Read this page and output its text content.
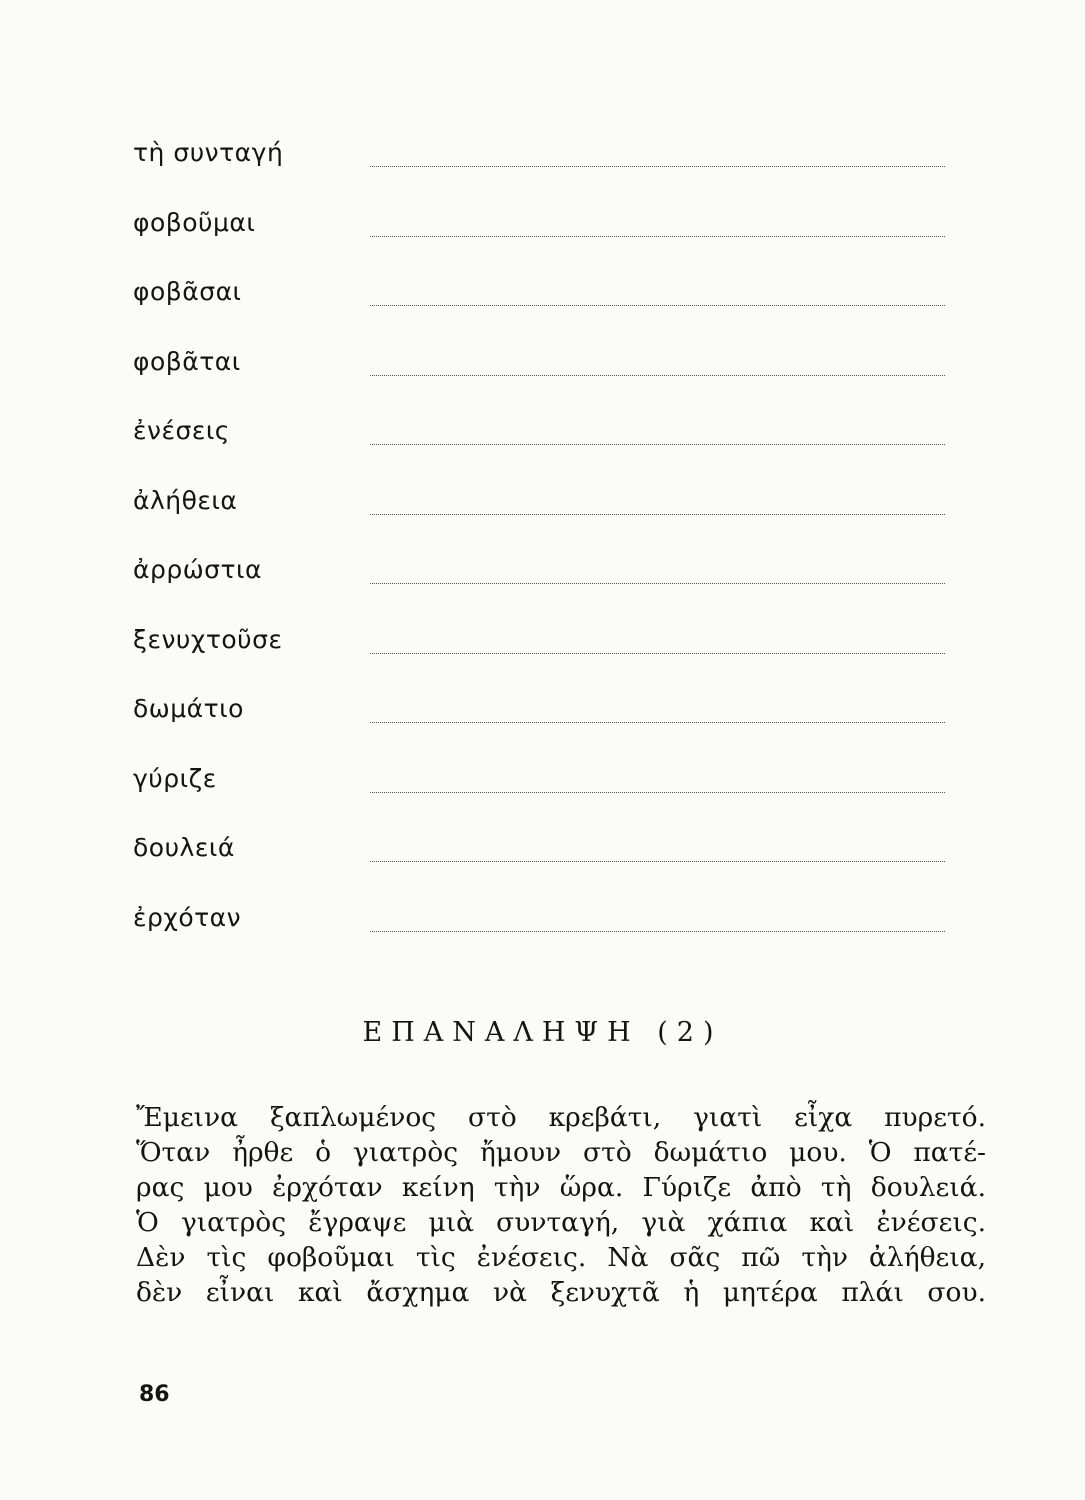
τὴ συνταγή
φοβοῦμαι
φοβᾶσαι
φοβᾶται
ἐνέσεις
ἀλήθεια
ἀρρώστια
ξενυχτοῦσε
δωμάτιο
γύριζε
δουλειά
ἐρχόταν
ΕΠΑΝΑΛΗΨΗ (2)
Ἔμεινα ξαπλωμένος στὸ κρεβάτι, γιατὶ εἶχα πυρετό.
Ὅταν ἦρθε ὁ γιατρὸς ἤμουν στὸ δωμάτιο μου. Ὁ πατέ-
ρας μου ἐρχόταν κείνη τὴν ὥρα. Γύριζε ἀπὸ τὴ δουλειά.
Ὁ γιατρὸς ἔγραψε μιὰ συνταγή, γιὰ χάπια καὶ ἐνέσεις.
Δὲν τὶς φοβοῦμαι τὶς ἐνέσεις. Νὰ σᾶς πῶ τὴν ἀλήθεια,
δὲν εἶναι καὶ ἄσχημα νὰ ξενυχτᾶ ἡ μητέρα πλάι σου.
86
